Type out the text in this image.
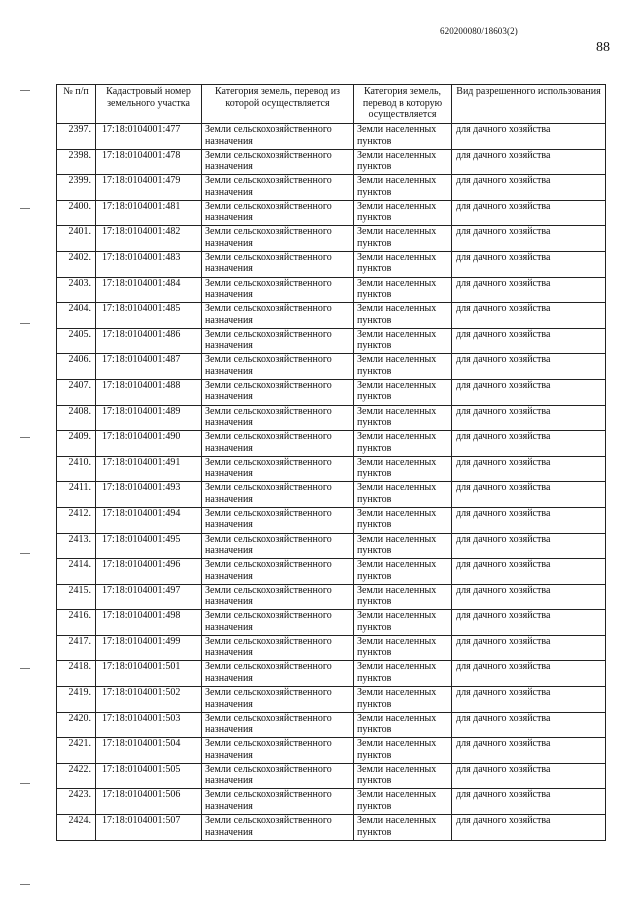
620200080/18603(2)
88
№ п/п	Кадастровый номер земельного участка	Категория земель, перевод из которой осуществляется	Категория земель, перевод в которую осуществляется	Вид разрешенного использования
2397.	17:18:0104001:477	Земли сельскохозяйственного назначения	Земли населенных пунктов	для дачного хозяйства
2398.	17:18:0104001:478	Земли сельскохозяйственного назначения	Земли населенных пунктов	для дачного хозяйства
2399.	17:18:0104001:479	Земли сельскохозяйственного назначения	Земли населенных пунктов	для дачного хозяйства
2400.	17:18:0104001:481	Земли сельскохозяйственного назначения	Земли населенных пунктов	для дачного хозяйства
2401.	17:18:0104001:482	Земли сельскохозяйственного назначения	Земли населенных пунктов	для дачного хозяйства
2402.	17:18:0104001:483	Земли сельскохозяйственного назначения	Земли населенных пунктов	для дачного хозяйства
2403.	17:18:0104001:484	Земли сельскохозяйственного назначения	Земли населенных пунктов	для дачного хозяйства
2404.	17:18:0104001:485	Земли сельскохозяйственного назначения	Земли населенных пунктов	для дачного хозяйства
2405.	17:18:0104001:486	Земли сельскохозяйственного назначения	Земли населенных пунктов	для дачного хозяйства
2406.	17:18:0104001:487	Земли сельскохозяйственного назначения	Земли населенных пунктов	для дачного хозяйства
2407.	17:18:0104001:488	Земли сельскохозяйственного назначения	Земли населенных пунктов	для дачного хозяйства
2408.	17:18:0104001:489	Земли сельскохозяйственного назначения	Земли населенных пунктов	для дачного хозяйства
2409.	17:18:0104001:490	Земли сельскохозяйственного назначения	Земли населенных пунктов	для дачного хозяйства
2410.	17:18:0104001:491	Земли сельскохозяйственного назначения	Земли населенных пунктов	для дачного хозяйства
2411.	17:18:0104001:493	Земли сельскохозяйственного назначения	Земли населенных пунктов	для дачного хозяйства
2412.	17:18:0104001:494	Земли сельскохозяйственного назначения	Земли населенных пунктов	для дачного хозяйства
2413.	17:18:0104001:495	Земли сельскохозяйственного назначения	Земли населенных пунктов	для дачного хозяйства
2414.	17:18:0104001:496	Земли сельскохозяйственного назначения	Земли населенных пунктов	для дачного хозяйства
2415.	17:18:0104001:497	Земли сельскохозяйственного назначения	Земли населенных пунктов	для дачного хозяйства
2416.	17:18:0104001:498	Земли сельскохозяйственного назначения	Земли населенных пунктов	для дачного хозяйства
2417.	17:18:0104001:499	Земли сельскохозяйственного назначения	Земли населенных пунктов	для дачного хозяйства
2418.	17:18:0104001:501	Земли сельскохозяйственного назначения	Земли населенных пунктов	для дачного хозяйства
2419.	17:18:0104001:502	Земли сельскохозяйственного назначения	Земли населенных пунктов	для дачного хозяйства
2420.	17:18:0104001:503	Земли сельскохозяйственного назначения	Земли населенных пунктов	для дачного хозяйства
2421.	17:18:0104001:504	Земли сельскохозяйственного назначения	Земли населенных пунктов	для дачного хозяйства
2422.	17:18:0104001:505	Земли сельскохозяйственного назначения	Земли населенных пунктов	для дачного хозяйства
2423.	17:18:0104001:506	Земли сельскохозяйственного назначения	Земли населенных пунктов	для дачного хозяйства
2424.	17:18:0104001:507	Земли сельскохозяйственного назначения	Земли населенных пунктов	для дачного хозяйства
